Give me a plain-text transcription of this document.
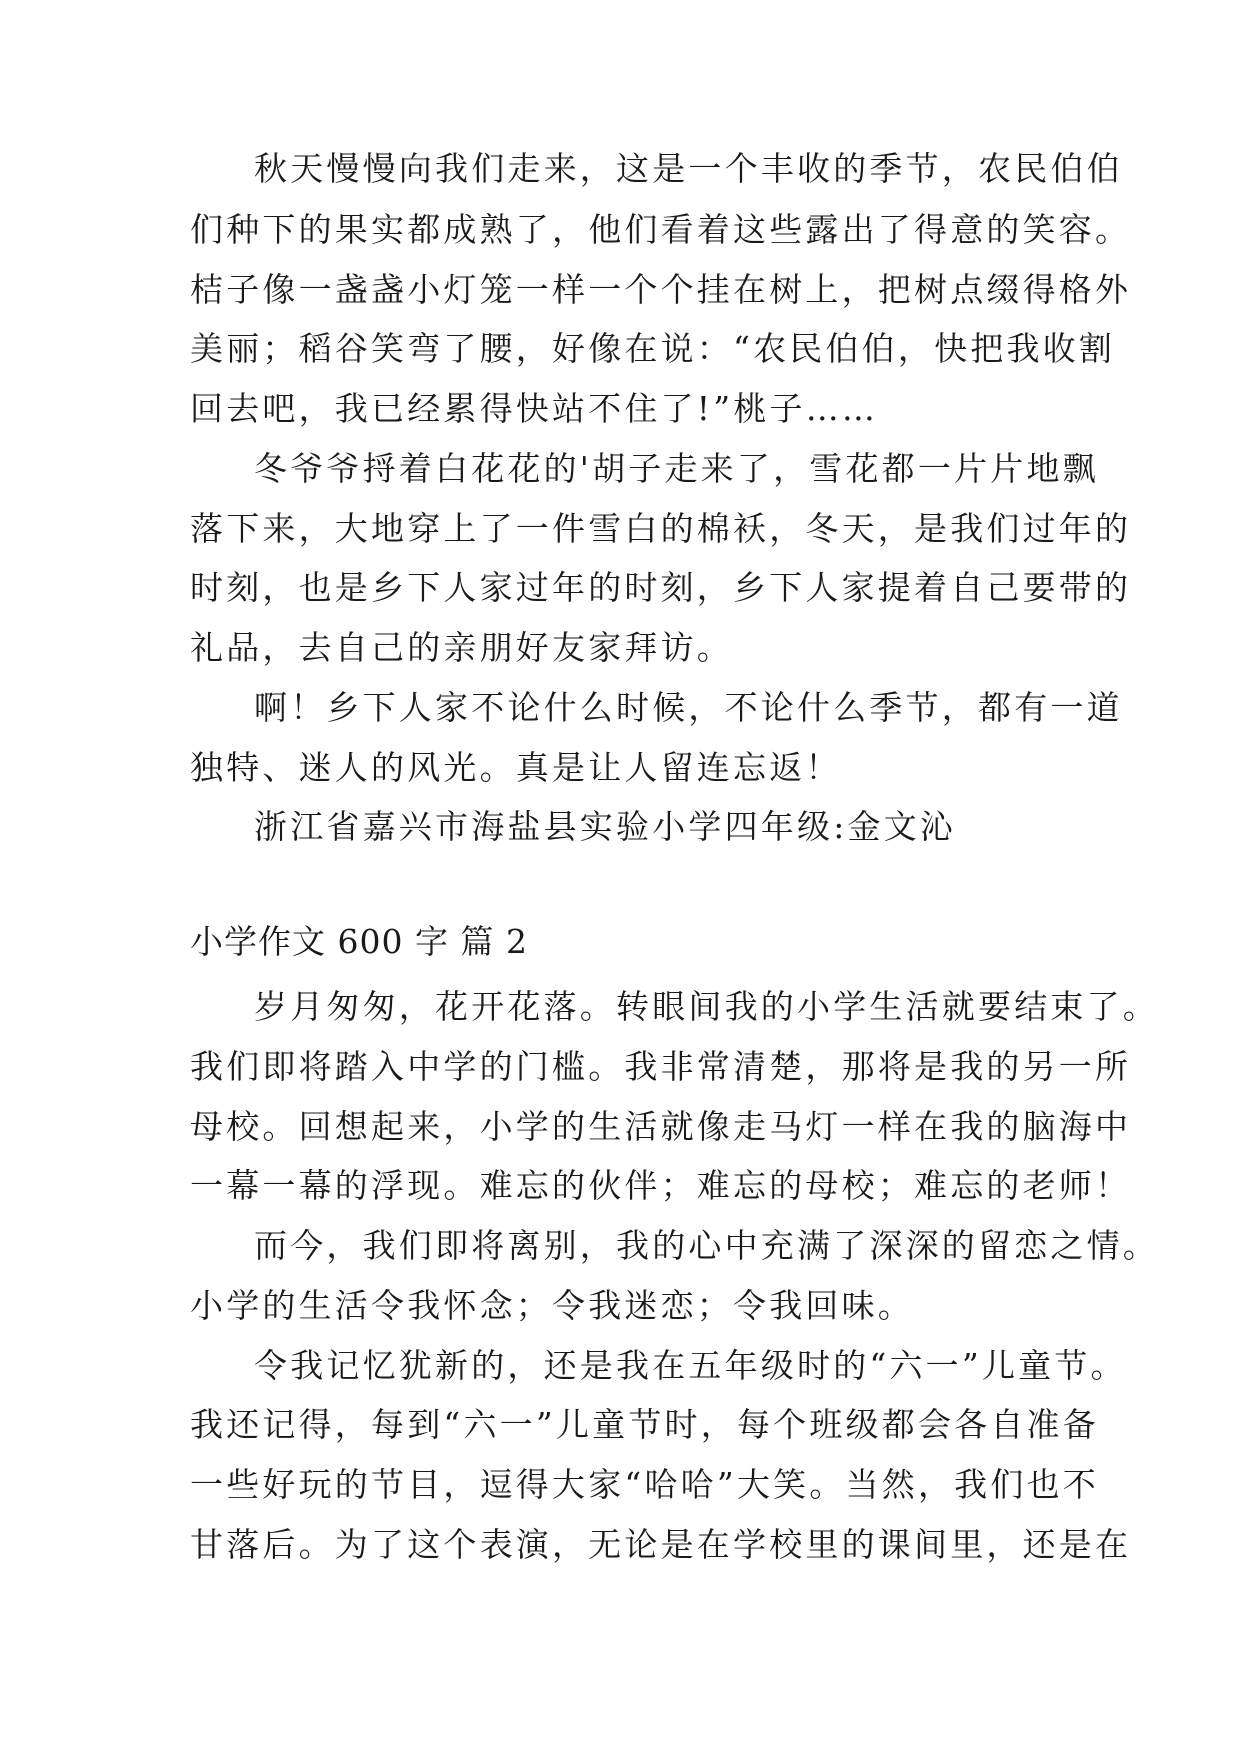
秋天慢慢向我们走来，这是一个丰收的季节，农民伯伯
们种下的果实都成熟了，他们看着这些露出了得意的笑容。
桔子像一盏盏小灯笼一样一个个挂在树上，把树点缀得格外
美丽；稻谷笑弯了腰，好像在说：“农民伯伯，快把我收割
回去吧，我已经累得快站不住了!”桃子……
冬爷爷捋着白花花的'胡子走来了，雪花都一片片地飘
落下来，大地穿上了一件雪白的棉袄，冬天，是我们过年的
时刻，也是乡下人家过年的时刻，乡下人家提着自己要带的
礼品，去自己的亲朋好友家拜访。
啊！乡下人家不论什么时候，不论什么季节，都有一道
独特、迷人的风光。真是让人留连忘返！
浙江省嘉兴市海盐县实验小学四年级:金文沁
小学作文 600 字 篇 2
岁月匆匆，花开花落。转眼间我的小学生活就要结束了。
我们即将踏入中学的门槛。我非常清楚，那将是我的另一所
母校。回想起来，小学的生活就像走马灯一样在我的脑海中
一幕一幕的浮现。难忘的伙伴；难忘的母校；难忘的老师！
而今，我们即将离别，我的心中充满了深深的留恋之情。
小学的生活令我怀念；令我迷恋；令我回味。
令我记忆犹新的，还是我在五年级时的“六一”儿童节。
我还记得，每到“六一”儿童节时，每个班级都会各自准备
一些好玩的节目，逗得大家“哈哈”大笑。当然，我们也不
甘落后。为了这个表演，无论是在学校里的课间里，还是在
